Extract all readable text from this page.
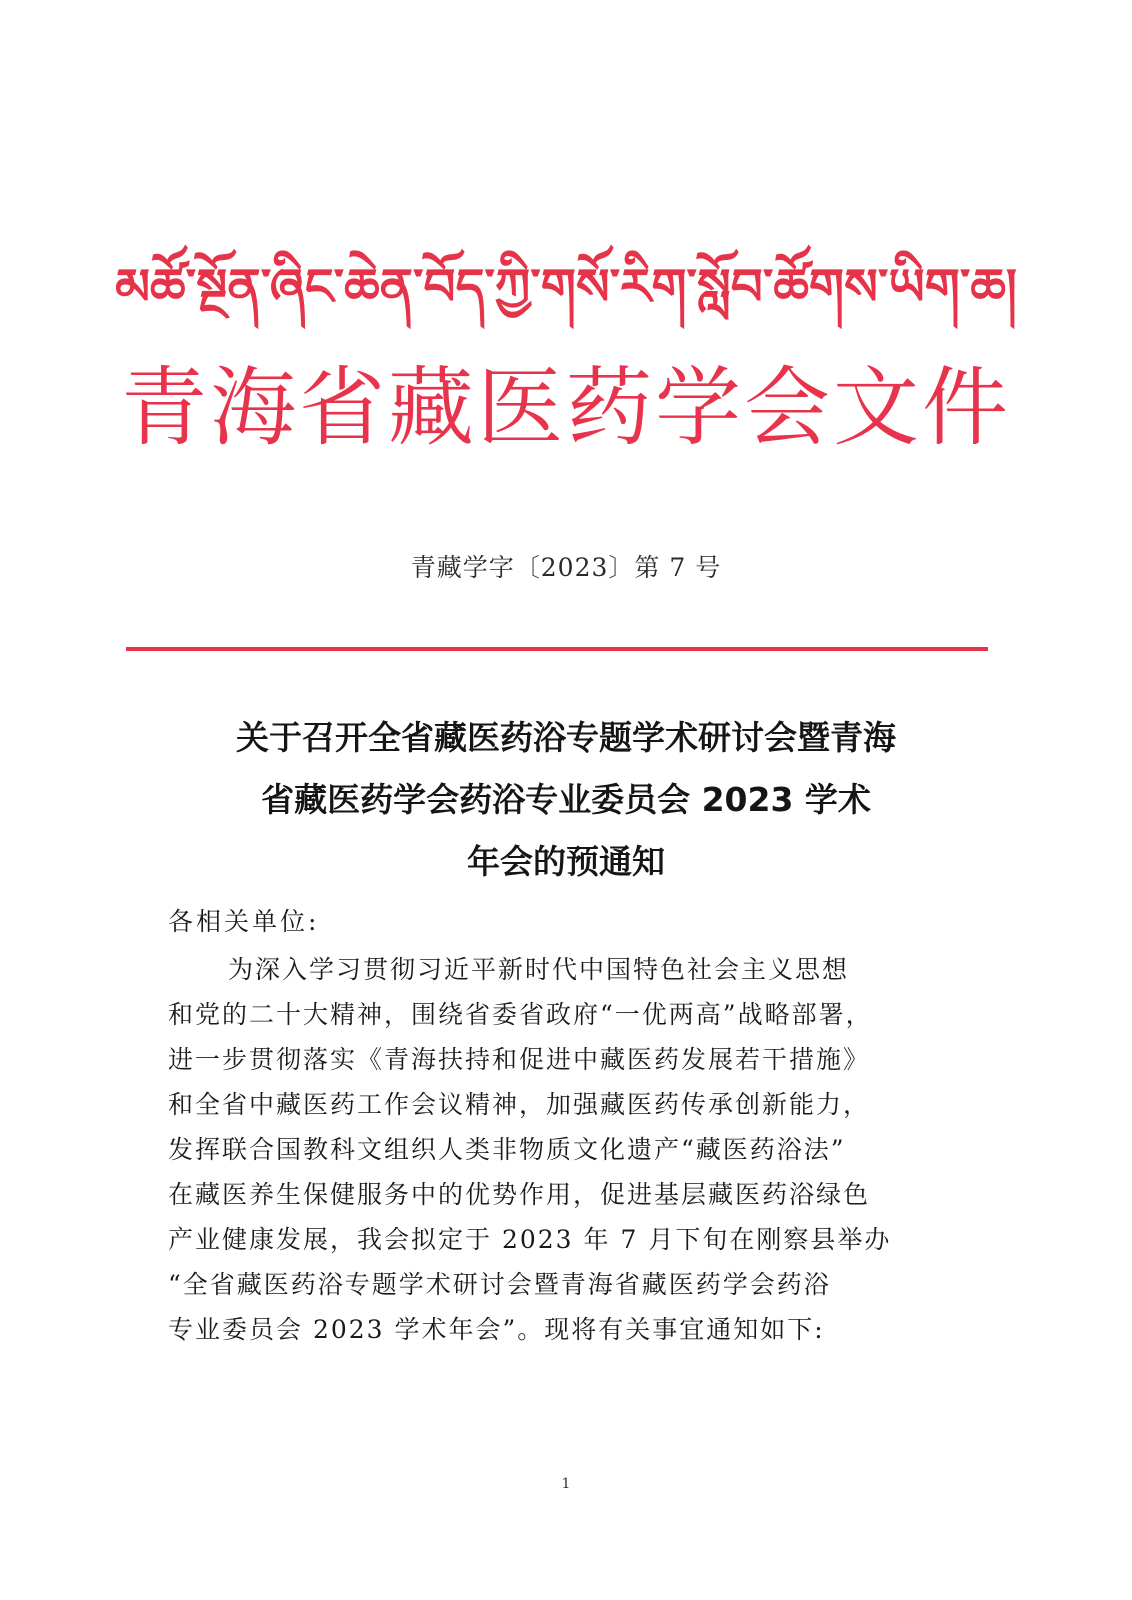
མཚོ་སྔོན་ཞིང་ཆེན་བོད་ཀྱི་གསོ་རིག་སློབ་ཚོགས་ཡིག་ཆ།
青海省藏医药学会文件
青藏学字〔2023〕第 7 号
关于召开全省藏医药浴专题学术研讨会暨青海
省藏医药学会药浴专业委员会 2023 学术
年会的预通知
各相关单位:
为深入学习贯彻习近平新时代中国特色社会主义思想
和党的二十大精神，围绕省委省政府“一优两高”战略部署，
进一步贯彻落实《青海扶持和促进中藏医药发展若干措施》
和全省中藏医药工作会议精神，加强藏医药传承创新能力，
发挥联合国教科文组织人类非物质文化遗产“藏医药浴法”
在藏医养生保健服务中的优势作用，促进基层藏医药浴绿色
产业健康发展，我会拟定于 2023 年 7 月下旬在刚察县举办
“全省藏医药浴专题学术研讨会暨青海省藏医药学会药浴
专业委员会 2023 学术年会”。现将有关事宜通知如下:
1
